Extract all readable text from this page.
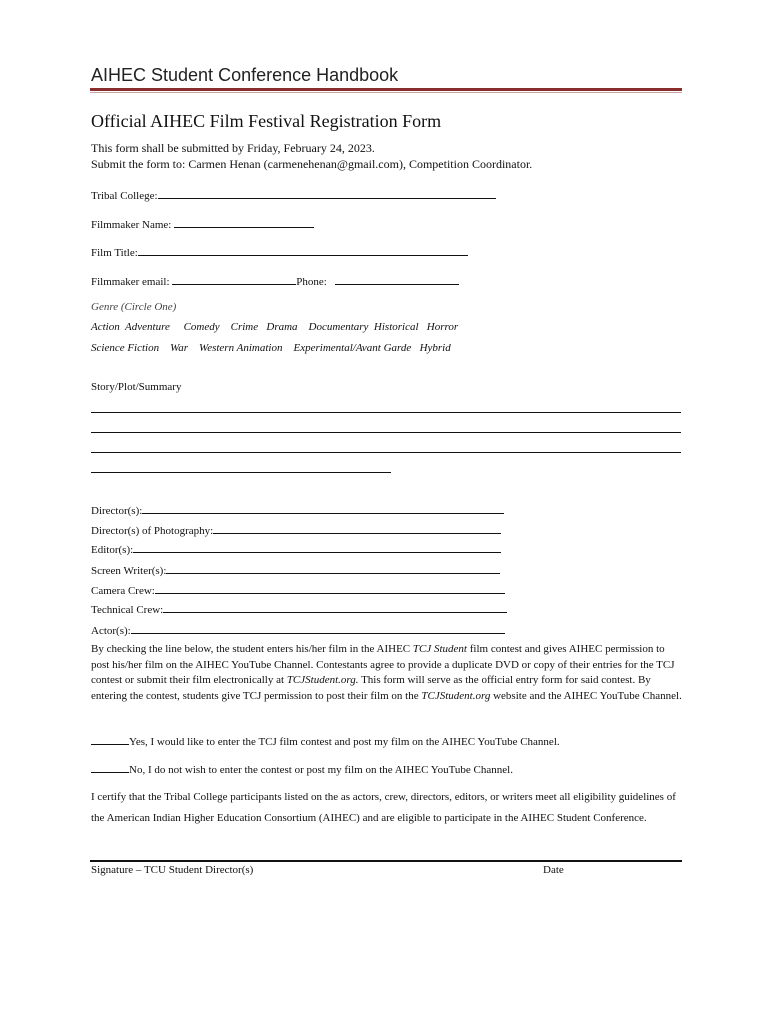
AIHEC Student Conference Handbook
Official AIHEC Film Festival Registration Form
This form shall be submitted by Friday, February 24, 2023.
Submit the form to: Carmen Henan (carmenehenan@gmail.com), Competition Coordinator.
Tribal College:
Filmmaker Name:
Film Title:
Filmmaker email:	Phone:
Genre (Circle One)
Action Adventure Comedy Crime Drama Documentary Historical Horror
Science Fiction War Western Animation Experimental/Avant Garde Hybrid
Story/Plot/Summary
Director(s):
Director(s) of Photography:
Editor(s):
Screen Writer(s):
Camera Crew:
Technical Crew:
Actor(s):
By checking the line below, the student enters his/her film in the AIHEC TCJ Student film contest and gives AIHEC permission to post his/her film on the AIHEC YouTube Channel. Contestants agree to provide a duplicate DVD or copy of their entries for the TCJ contest or submit their film electronically at TCJStudent.org. This form will serve as the official entry form for said contest. By entering the contest, students give TCJ permission to post their film on the TCJStudent.org website and the AIHEC YouTube Channel.
Yes, I would like to enter the TCJ film contest and post my film on the AIHEC YouTube Channel.
No, I do not wish to enter the contest or post my film on the AIHEC YouTube Channel.
I certify that the Tribal College participants listed on the as actors, crew, directors, editors, or writers meet all eligibility guidelines of the American Indian Higher Education Consortium (AIHEC) and are eligible to participate in the AIHEC Student Conference.
Signature – TCU Student Director(s)	Date
